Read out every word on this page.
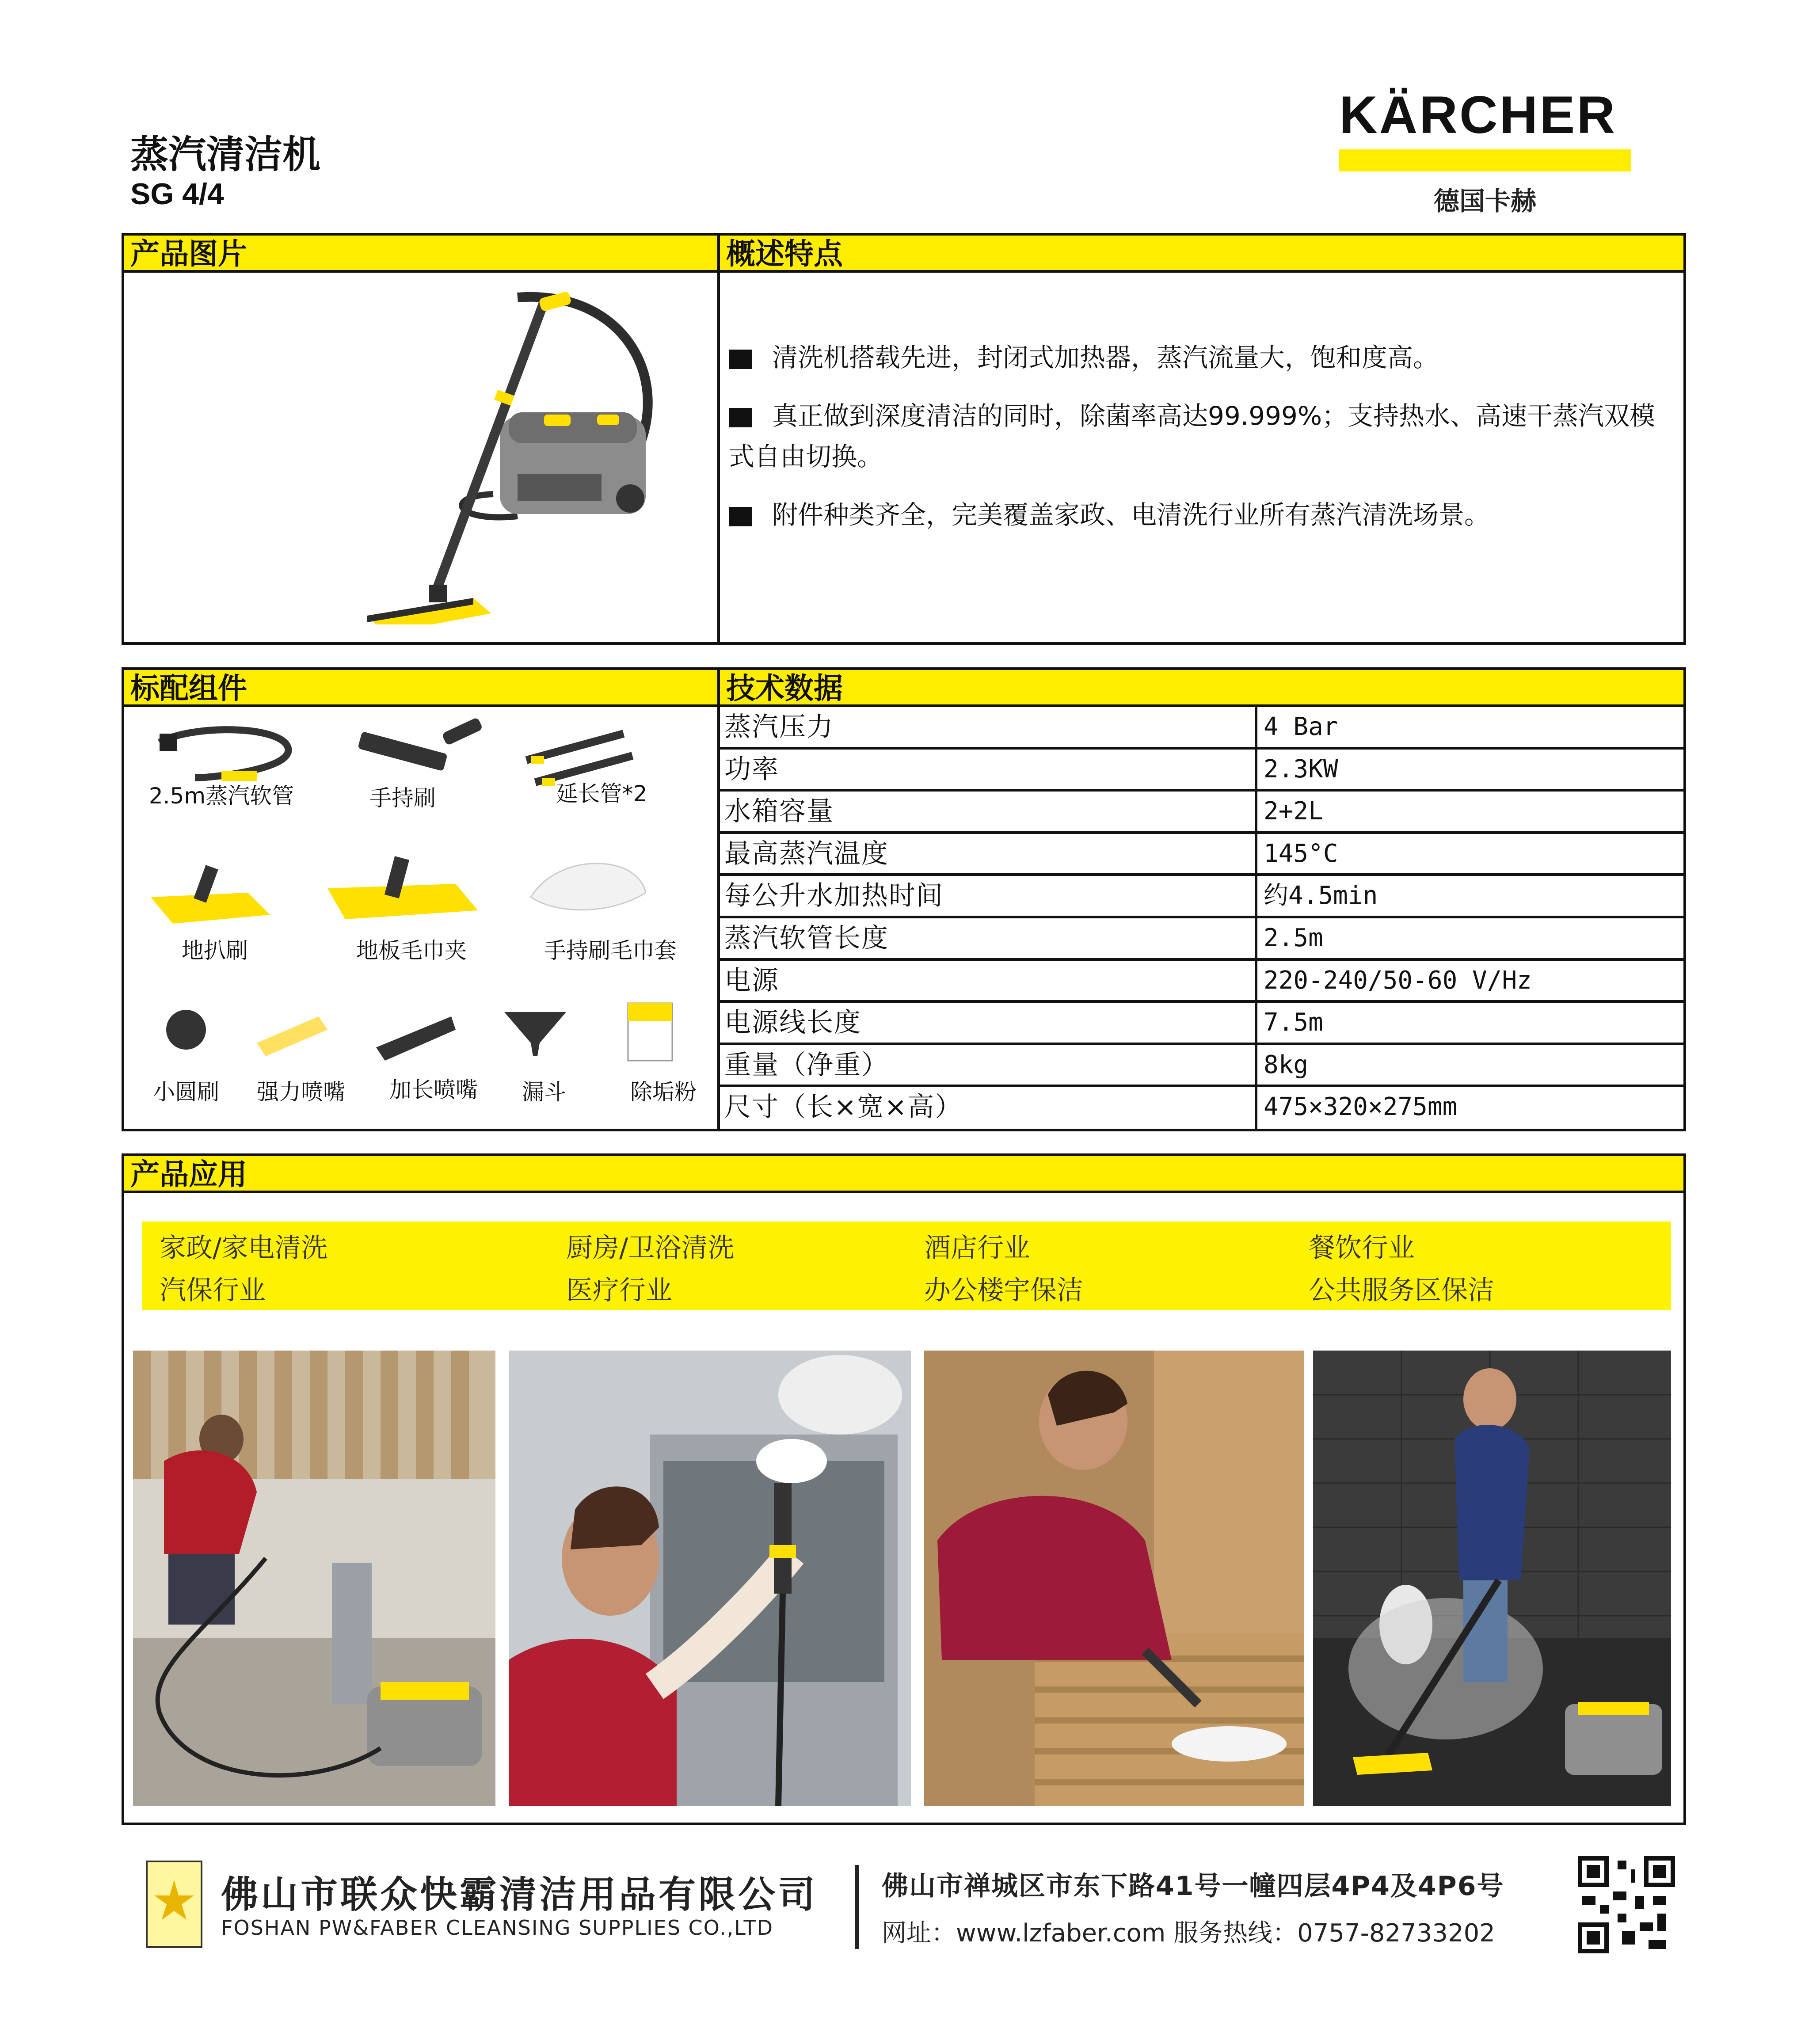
蒸汽清洁机
SG 4/4
KÄRCHER
德国卡赫
产品图片	概述特点

清洗机搭载先进，封闭式加热器，蒸汽流量大，饱和度高。

真正做到深度清洁的同时，除菌率高达99.999%；支持热水、高速干蒸汽双模式自由切换。

附件种类齐全，完美覆盖家政、电清洗行业所有蒸汽清洗场景。

标配组件	技术数据
2.5m蒸汽软管	手持刷	延长管*2
地扒刷	地板毛巾夹	手持刷毛巾套
小圆刷	强力喷嘴	加长喷嘴	漏斗	除垢粉
蒸汽压力	4 Bar
功率	2.3KW
水箱容量	2+2L
最高蒸汽温度	145°C
每公升水加热时间	约4.5min
蒸汽软管长度	2.5m
电源	220-240/50-60 V/Hz
电源线长度	7.5m
重量（净重）	8kg
尺寸（长×宽×高）	475×320×275mm
产品应用
家政/家电清洗	厨房/卫浴清洗	酒店行业	餐饮行业
汽保行业	医疗行业	办公楼宇保洁	公共服务区保洁
佛山市联众快霸清洁用品有限公司
FOSHAN PW&FABER CLEANSING SUPPLIES CO.,LTD
佛山市禅城区市东下路41号一幢四层4P4及4P6号
网址：www.lzfaber.com 服务热线：0757-82733202
